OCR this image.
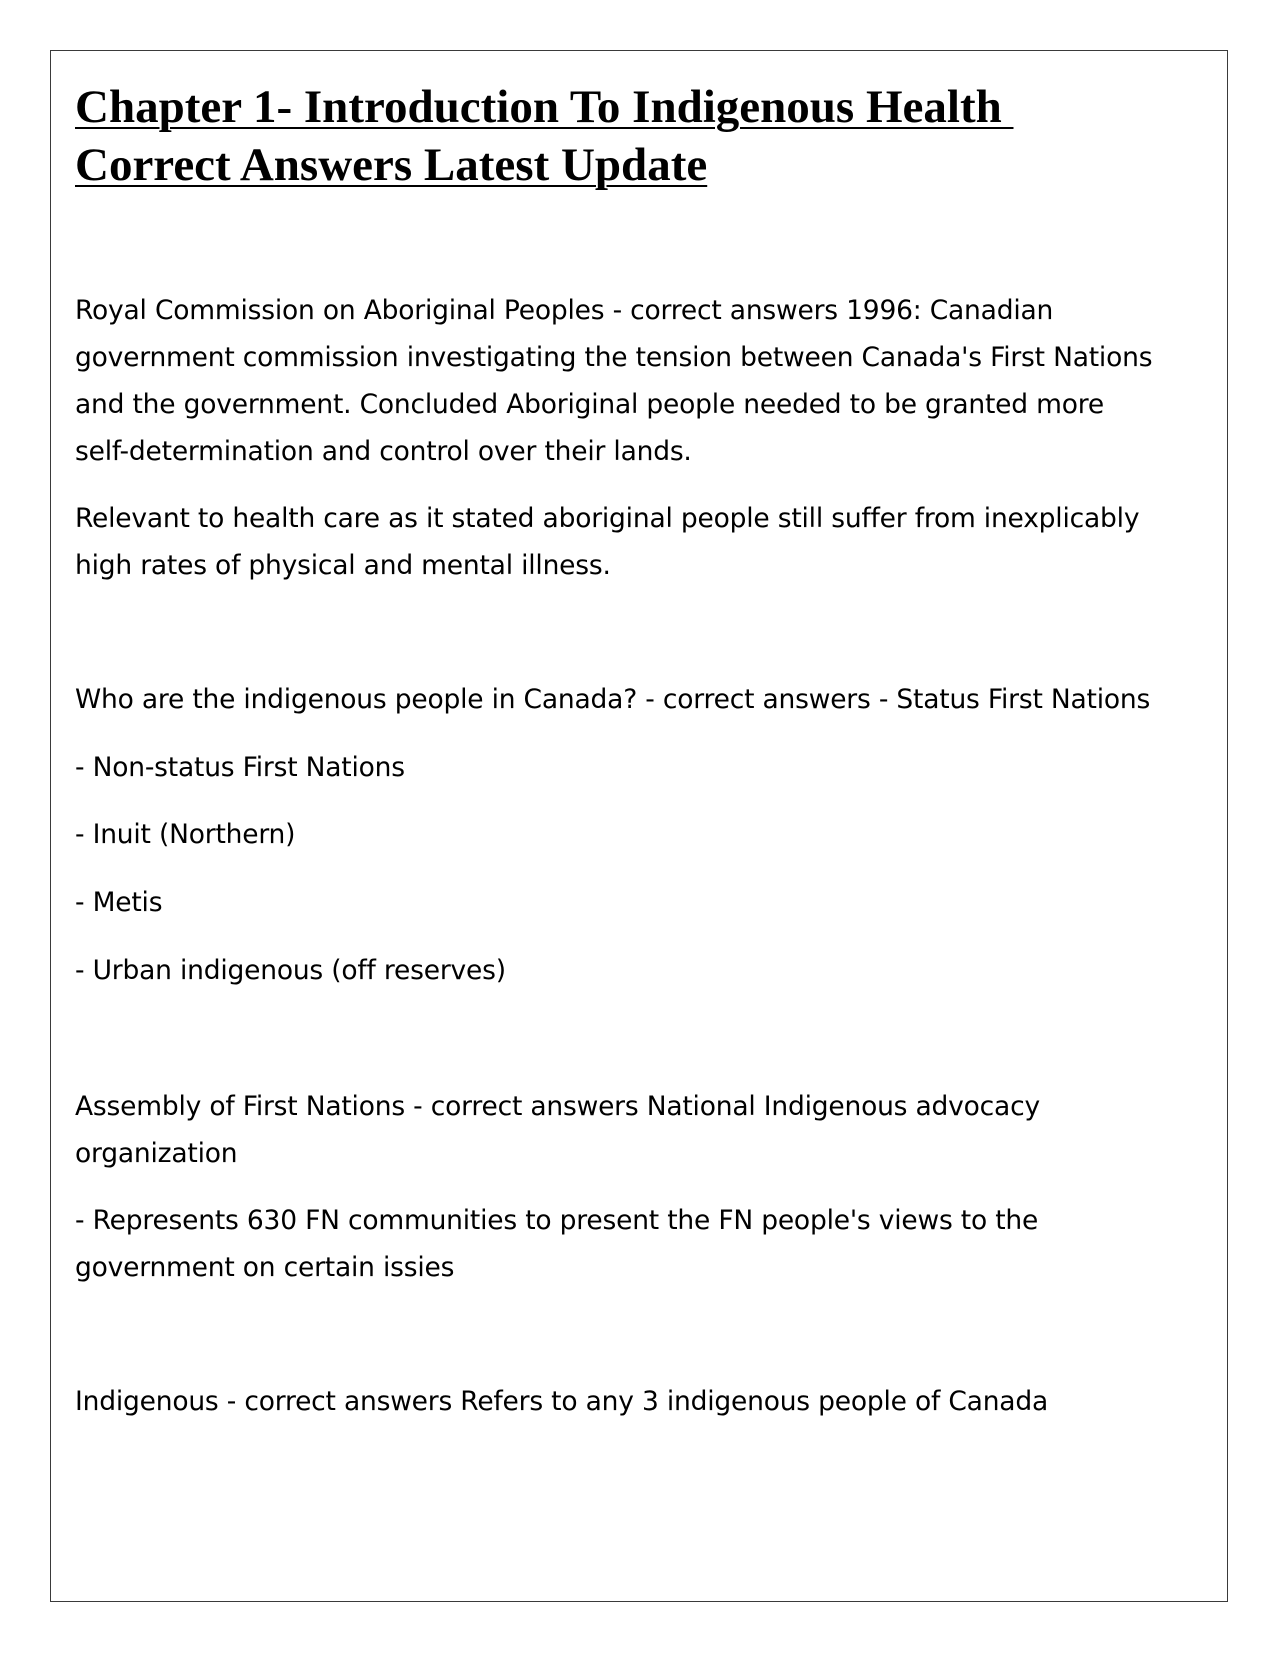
Chapter 1- Introduction To Indigenous Health
Correct Answers Latest Update

Royal Commission on Aboriginal Peoples - correct answers 1996: Canadian
government commission investigating the tension between Canada's First Nations
and the government. Concluded Aboriginal people needed to be granted more
self-determination and control over their lands.

Relevant to health care as it stated aboriginal people still suffer from inexplicably
high rates of physical and mental illness.

Who are the indigenous people in Canada? - correct answers - Status First Nations

- Non-status First Nations

- Inuit (Northern)

- Metis

- Urban indigenous (off reserves)

Assembly of First Nations - correct answers National Indigenous advocacy
organization

- Represents 630 FN communities to present the FN people's views to the
government on certain issies

Indigenous - correct answers Refers to any 3 indigenous people of Canada
